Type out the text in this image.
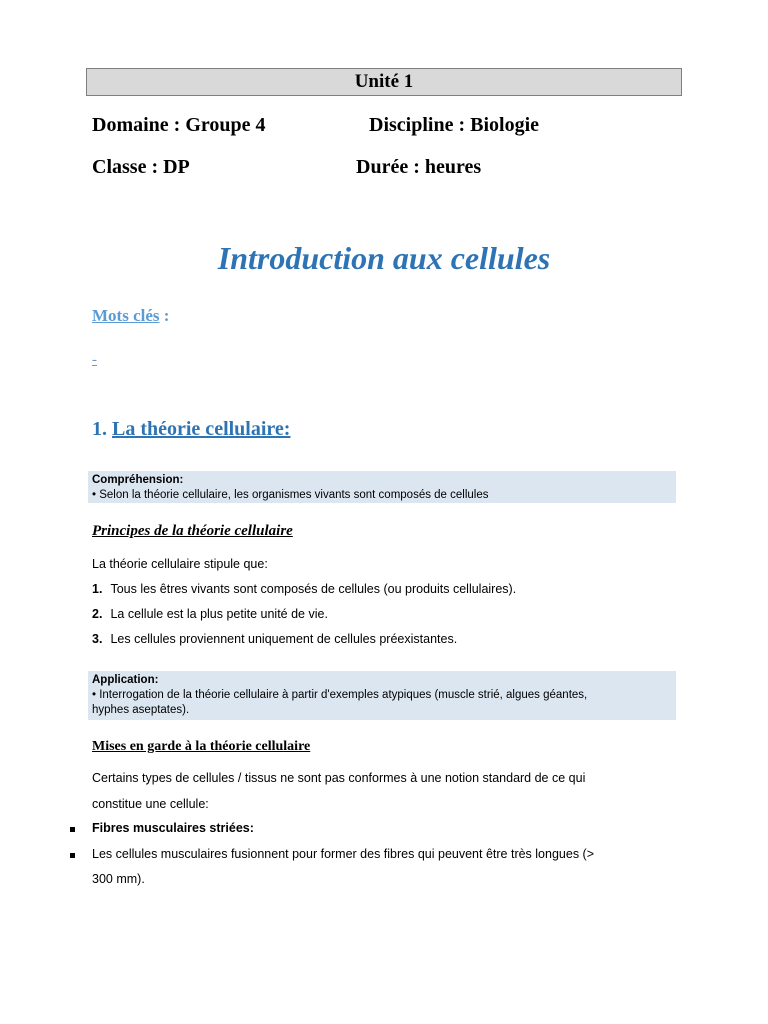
Unité 1
Domaine : Groupe 4	Discipline : Biologie
Classe : DP	Durée : heures
Introduction aux cellules
Mots clés :
-
1. La théorie cellulaire:
Compréhension:
• Selon la théorie cellulaire, les organismes vivants sont composés de cellules
Principes de la théorie cellulaire
La théorie cellulaire stipule que:
1. Tous les êtres vivants sont composés de cellules (ou produits cellulaires).
2. La cellule est la plus petite unité de vie.
3. Les cellules proviennent uniquement de cellules préexistantes.
Application:
• Interrogation de la théorie cellulaire à partir d'exemples atypiques (muscle strié, algues géantes,
hyphes aseptates).
Mises en garde à la théorie cellulaire
Certains types de cellules / tissus ne sont pas conformes à une notion standard de ce qui
constitue une cellule:
Fibres musculaires striées:
Les cellules musculaires fusionnent pour former des fibres qui peuvent être très longues (>
300 mm).
